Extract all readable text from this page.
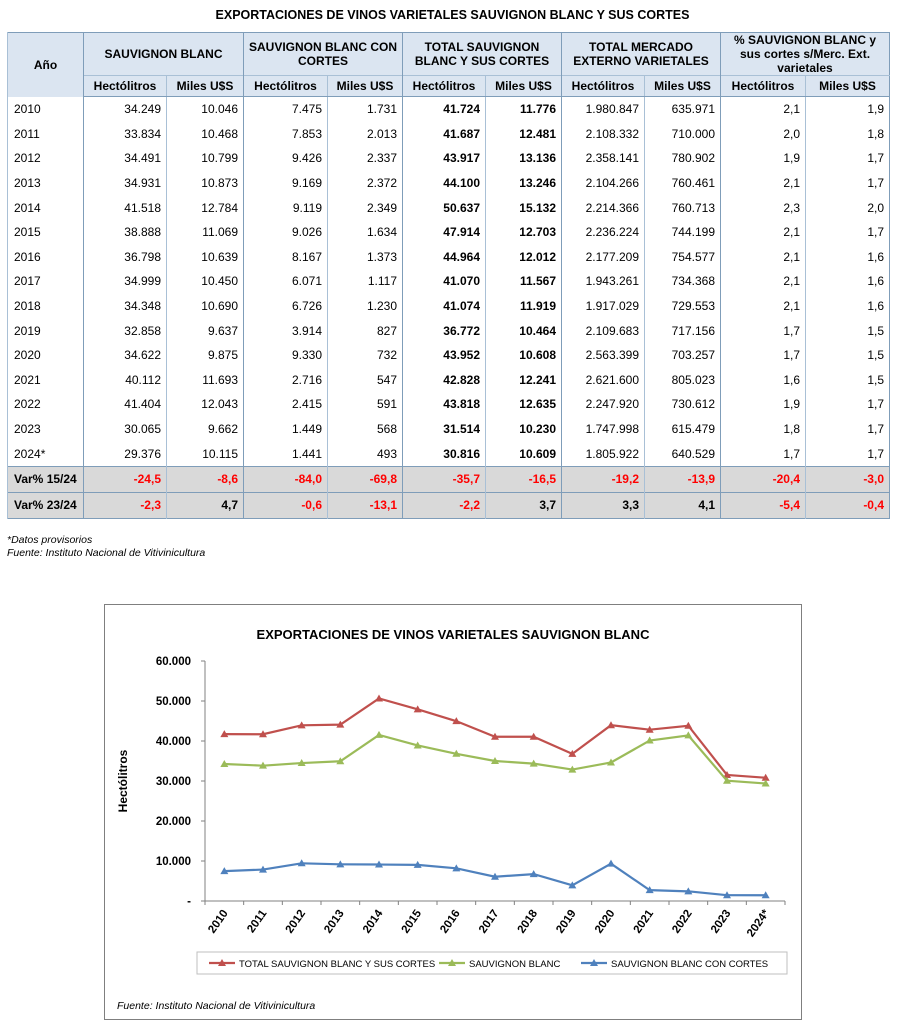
EXPORTACIONES DE VINOS VARIETALES SAUVIGNON BLANC Y SUS CORTES
Año	SAUVIGNON BLANC		SAUVIGNON BLANC CON CORTES		TOTAL SAUVIGNON BLANC Y SUS CORTES		TOTAL MERCADO EXTERNO VARIETALES		% SAUVIGNON BLANC y sus cortes s/Merc. Ext. varietales	
	Hectólitros	Miles U$S	Hectólitros	Miles U$S	Hectólitros	Miles U$S	Hectólitros	Miles U$S	Hectólitros	Miles U$S
2010	34.249	10.046	7.475	1.731	41.724	11.776	1.980.847	635.971	2,1	1,9
2011	33.834	10.468	7.853	2.013	41.687	12.481	2.108.332	710.000	2,0	1,8
2012	34.491	10.799	9.426	2.337	43.917	13.136	2.358.141	780.902	1,9	1,7
2013	34.931	10.873	9.169	2.372	44.100	13.246	2.104.266	760.461	2,1	1,7
2014	41.518	12.784	9.119	2.349	50.637	15.132	2.214.366	760.713	2,3	2,0
2015	38.888	11.069	9.026	1.634	47.914	12.703	2.236.224	744.199	2,1	1,7
2016	36.798	10.639	8.167	1.373	44.964	12.012	2.177.209	754.577	2,1	1,6
2017	34.999	10.450	6.071	1.117	41.070	11.567	1.943.261	734.368	2,1	1,6
2018	34.348	10.690	6.726	1.230	41.074	11.919	1.917.029	729.553	2,1	1,6
2019	32.858	9.637	3.914	827	36.772	10.464	2.109.683	717.156	1,7	1,5
2020	34.622	9.875	9.330	732	43.952	10.608	2.563.399	703.257	1,7	1,5
2021	40.112	11.693	2.716	547	42.828	12.241	2.621.600	805.023	1,6	1,5
2022	41.404	12.043	2.415	591	43.818	12.635	2.247.920	730.612	1,9	1,7
2023	30.065	9.662	1.449	568	31.514	10.230	1.747.998	615.479	1,8	1,7
2024*	29.376	10.115	1.441	493	30.816	10.609	1.805.922	640.529	1,7	1,7
Var% 15/24	-24,5	-8,6	-84,0	-69,8	-35,7	-16,5	-19,2	-13,9	-20,4	-3,0
Var% 23/24	-2,3	4,7	-0,6	-13,1	-2,2	3,7	3,3	4,1	-5,4	-0,4
*Datos provisorios
Fuente: Instituto Nacional de Vitivinicultura
EXPORTACIONES DE VINOS VARIETALES SAUVIGNON BLANC
-
10.000
20.000
30.000
40.000
50.000
60.000
Hectólitros
2010 2011 2012 2013 2014 2015 2016 2017 2018 2019 2020 2021 2022 2023 2024*
TOTAL SAUVIGNON BLANC Y SUS CORTES	SAUVIGNON BLANC	SAUVIGNON BLANC CON CORTES
Fuente: Instituto Nacional de Vitivinicultura
